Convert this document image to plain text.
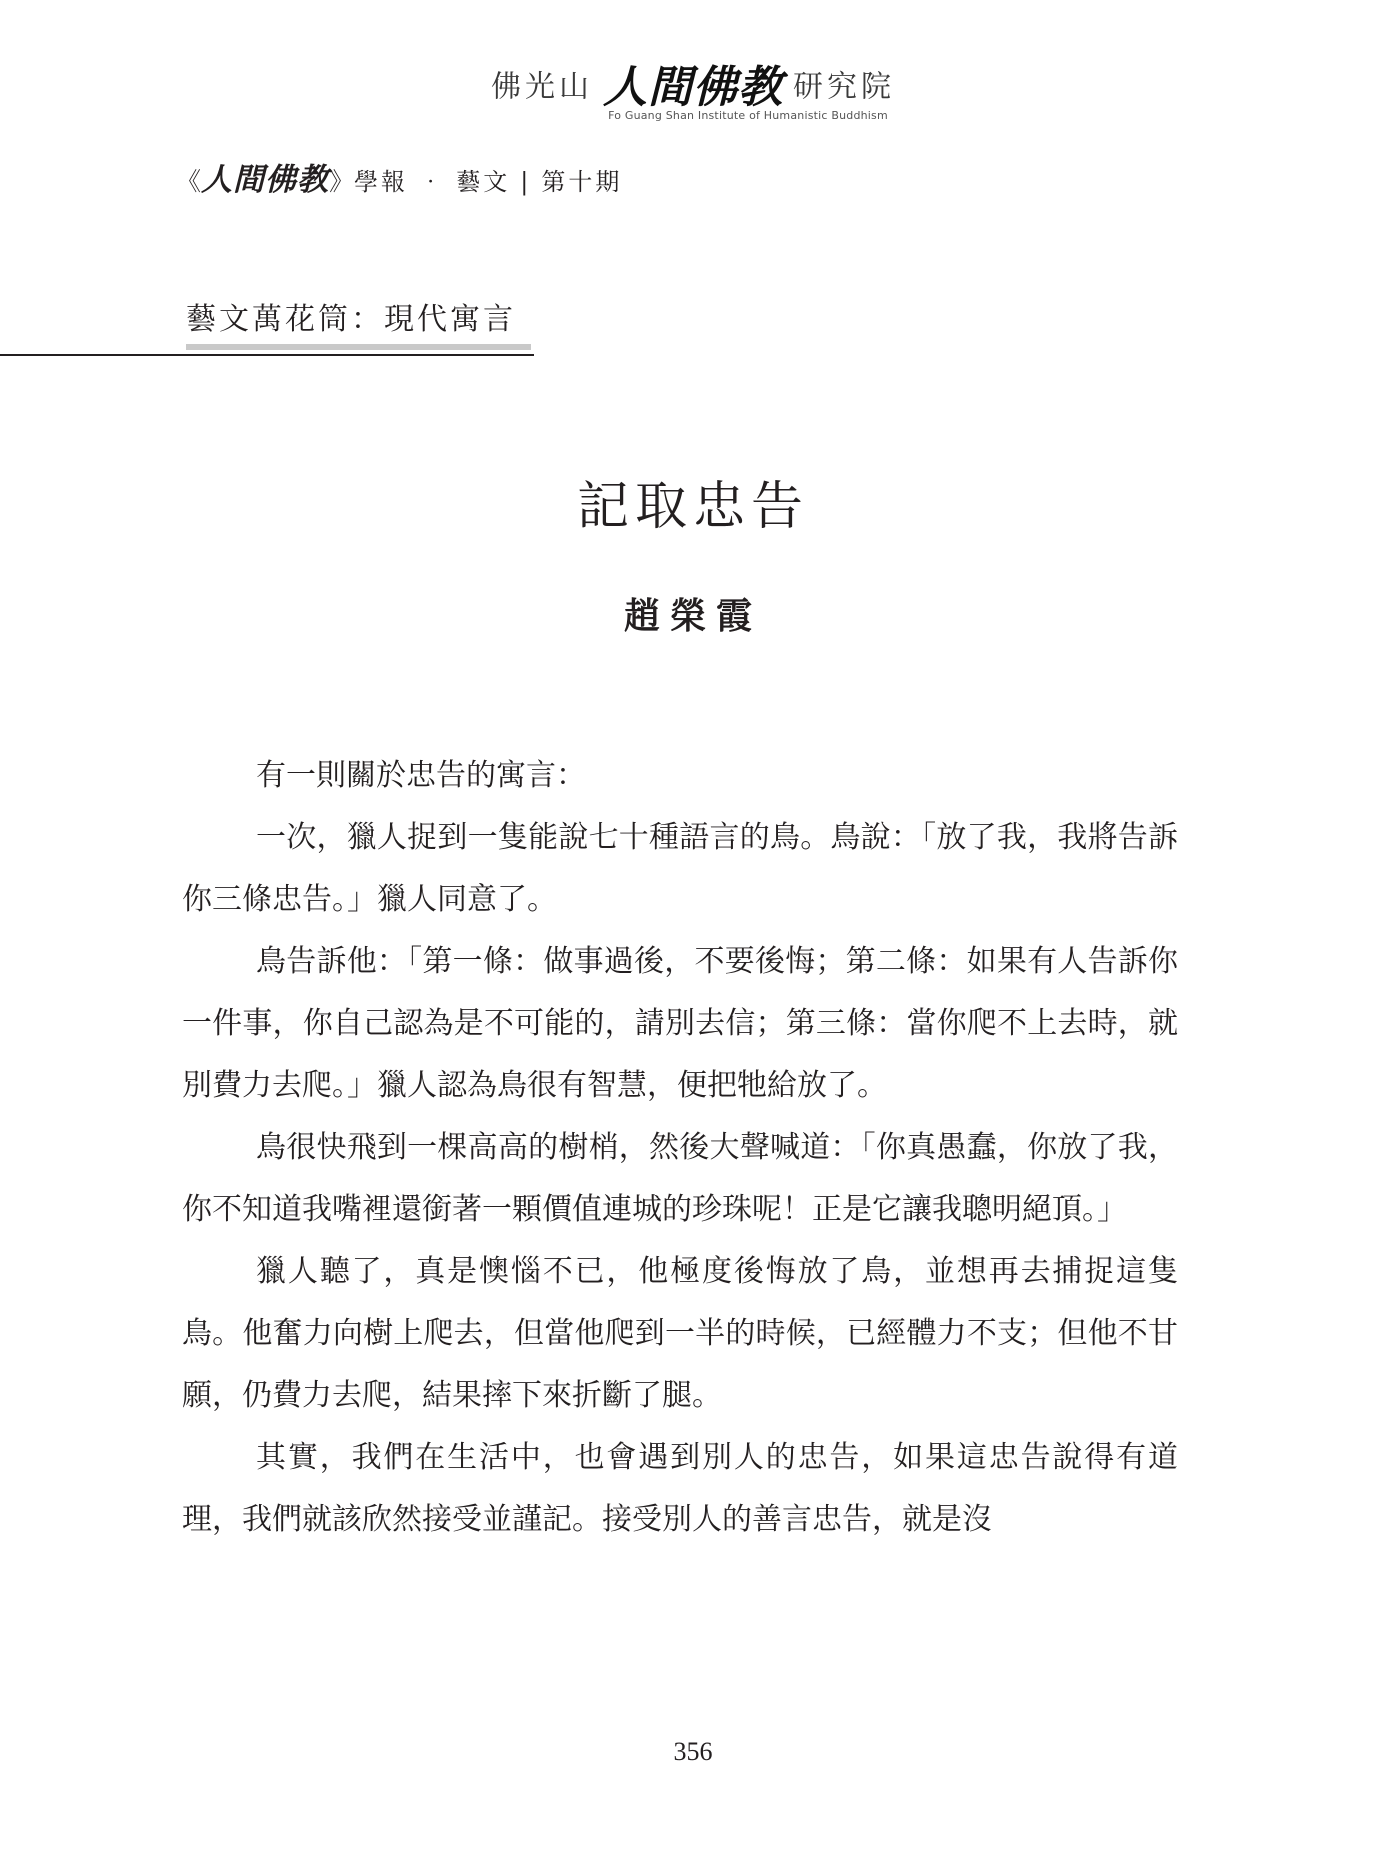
佛光山 人間佛教 研究院
Fo Guang Shan Institute of Humanistic Buddhism
《人間佛教》學報 ‧ 藝文 | 第十期
藝文萬花筒：現代寓言
記取忠告
趙榮霞

有一則關於忠告的寓言：

一次，獵人捉到一隻能說七十種語言的鳥。鳥說：「放了我，我將告訴你三條忠告。」獵人同意了。

鳥告訴他：「第一條：做事過後，不要後悔；第二條：如果有人告訴你一件事，你自己認為是不可能的，請別去信；第三條：當你爬不上去時，就別費力去爬。」獵人認為鳥很有智慧，便把牠給放了。

鳥很快飛到一棵高高的樹梢，然後大聲喊道：「你真愚蠢，你放了我，你不知道我嘴裡還銜著一顆價值連城的珍珠呢！正是它讓我聰明絕頂。」

獵人聽了，真是懊惱不已，他極度後悔放了鳥，並想再去捕捉這隻鳥。他奮力向樹上爬去，但當他爬到一半的時候，已經體力不支；但他不甘願，仍費力去爬，結果摔下來折斷了腿。

其實，我們在生活中，也會遇到別人的忠告，如果這忠告說得有道理，我們就該欣然接受並謹記。接受別人的善言忠告，就是沒

356
